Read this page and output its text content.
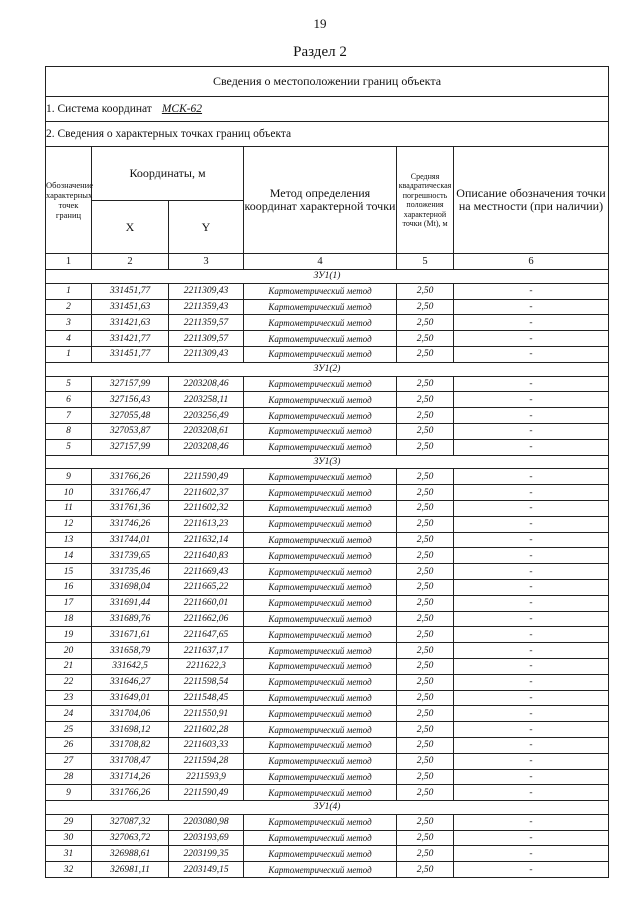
19
Раздел 2
Сведения о местоположении границ объекта					
1. Система координат МСК-62					
2. Сведения о характерных точках границ объекта					
Обозначение характерных точек границ	Координаты, м		Метод определения координат характерной точки	Средняя квадратическая погрешность положения характерной точки (Mt), м	Описание обозначения точки на местности (при наличии)
	X	Y			
1	2	3	4	5	6
ЗУ1(1)					
1	331451,77	2211309,43	Картометрический метод	2,50	-
2	331451,63	2211359,43	Картометрический метод	2,50	-
3	331421,63	2211359,57	Картометрический метод	2,50	-
4	331421,77	2211309,57	Картометрический метод	2,50	-
1	331451,77	2211309,43	Картометрический метод	2,50	-
ЗУ1(2)					
5	327157,99	2203208,46	Картометрический метод	2,50	-
6	327156,43	2203258,11	Картометрический метод	2,50	-
7	327055,48	2203256,49	Картометрический метод	2,50	-
8	327053,87	2203208,61	Картометрический метод	2,50	-
5	327157,99	2203208,46	Картометрический метод	2,50	-
ЗУ1(3)					
9	331766,26	2211590,49	Картометрический метод	2,50	-
10	331766,47	2211602,37	Картометрический метод	2,50	-
11	331761,36	2211602,32	Картометрический метод	2,50	-
12	331746,26	2211613,23	Картометрический метод	2,50	-
13	331744,01	2211632,14	Картометрический метод	2,50	-
14	331739,65	2211640,83	Картометрический метод	2,50	-
15	331735,46	2211669,43	Картометрический метод	2,50	-
16	331698,04	2211665,22	Картометрический метод	2,50	-
17	331691,44	2211660,01	Картометрический метод	2,50	-
18	331689,76	2211662,06	Картометрический метод	2,50	-
19	331671,61	2211647,65	Картометрический метод	2,50	-
20	331658,79	2211637,17	Картометрический метод	2,50	-
21	331642,5	2211622,3	Картометрический метод	2,50	-
22	331646,27	2211598,54	Картометрический метод	2,50	-
23	331649,01	2211548,45	Картометрический метод	2,50	-
24	331704,06	2211550,91	Картометрический метод	2,50	-
25	331698,12	2211602,28	Картометрический метод	2,50	-
26	331708,82	2211603,33	Картометрический метод	2,50	-
27	331708,47	2211594,28	Картометрический метод	2,50	-
28	331714,26	2211593,9	Картометрический метод	2,50	-
9	331766,26	2211590,49	Картометрический метод	2,50	-
ЗУ1(4)					
29	327087,32	2203080,98	Картометрический метод	2,50	-
30	327063,72	2203193,69	Картометрический метод	2,50	-
31	326988,61	2203199,35	Картометрический метод	2,50	-
32	326981,11	2203149,15	Картометрический метод	2,50	-
